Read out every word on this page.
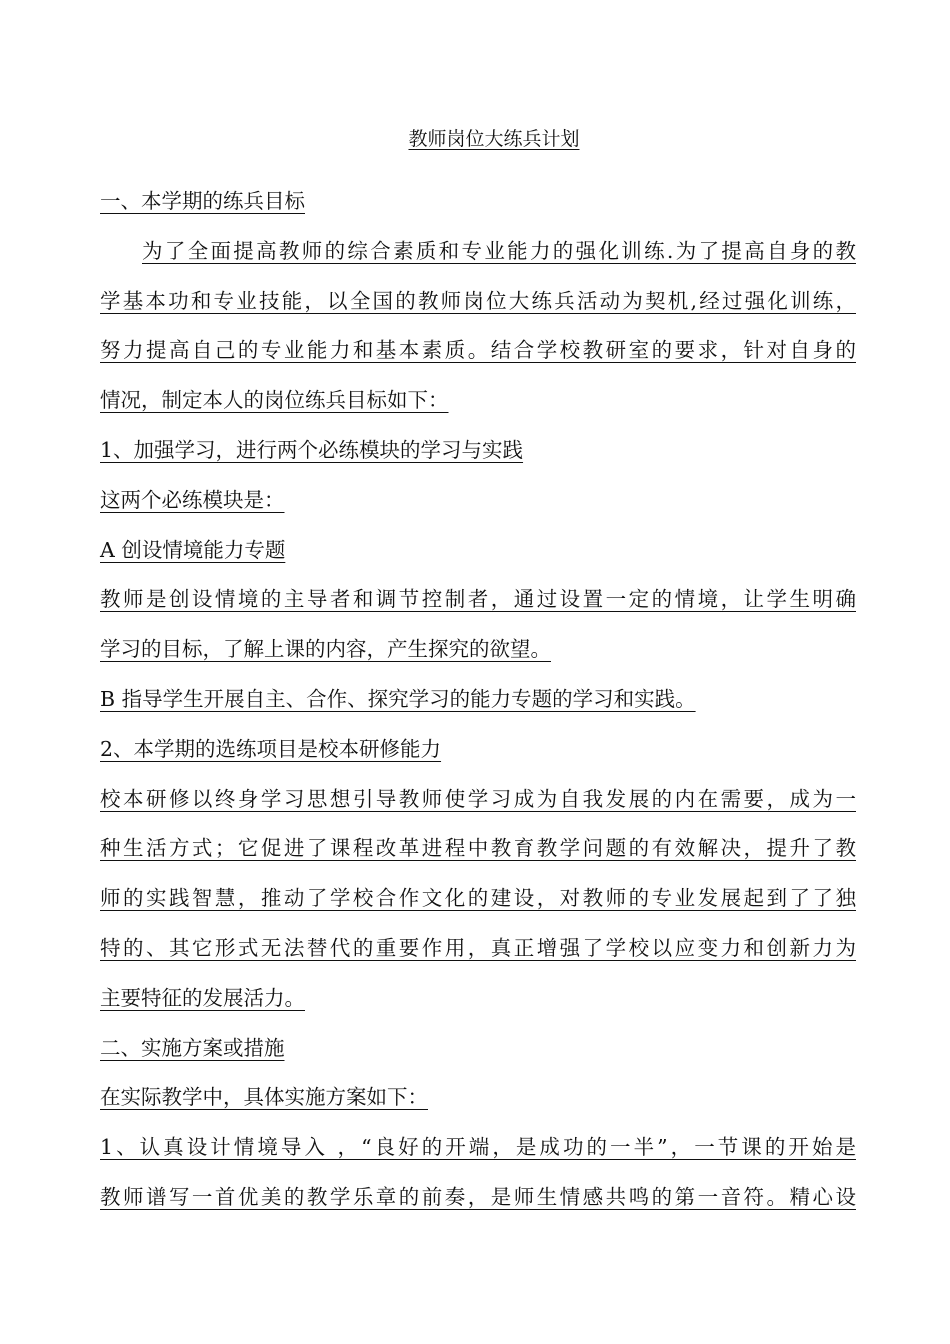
教师岗位大练兵计划
一、本学期的练兵目标
为了全面提高教师的综合素质和专业能力的强化训练.为了提高自身的教
学基本功和专业技能，以全国的教师岗位大练兵活动为契机,经过强化训练，
努力提高自己的专业能力和基本素质。结合学校教研室的要求，针对自身的
情况，制定本人的岗位练兵目标如下：
1、加强学习，进行两个必练模块的学习与实践
这两个必练模块是：
A 创设情境能力专题
教师是创设情境的主导者和调节控制者，通过设置一定的情境，让学生明确
学习的目标，了解上课的内容，产生探究的欲望。
B 指导学生开展自主、合作、探究学习的能力专题的学习和实践。
2、本学期的选练项目是校本研修能力
校本研修以终身学习思想引导教师使学习成为自我发展的内在需要，成为一
种生活方式；它促进了课程改革进程中教育教学问题的有效解决，提升了教
师的实践智慧，推动了学校合作文化的建设，对教师的专业发展起到了了独
特的、其它形式无法替代的重要作用，真正增强了学校以应变力和创新力为
主要特征的发展活力。
二、实施方案或措施
在实际教学中，具体实施方案如下：
1、认真设计情境导入 ，“良好的开端，是成功的一半”，一节课的开始是
教师谱写一首优美的教学乐章的前奏，是师生情感共鸣的第一音符。精心设
